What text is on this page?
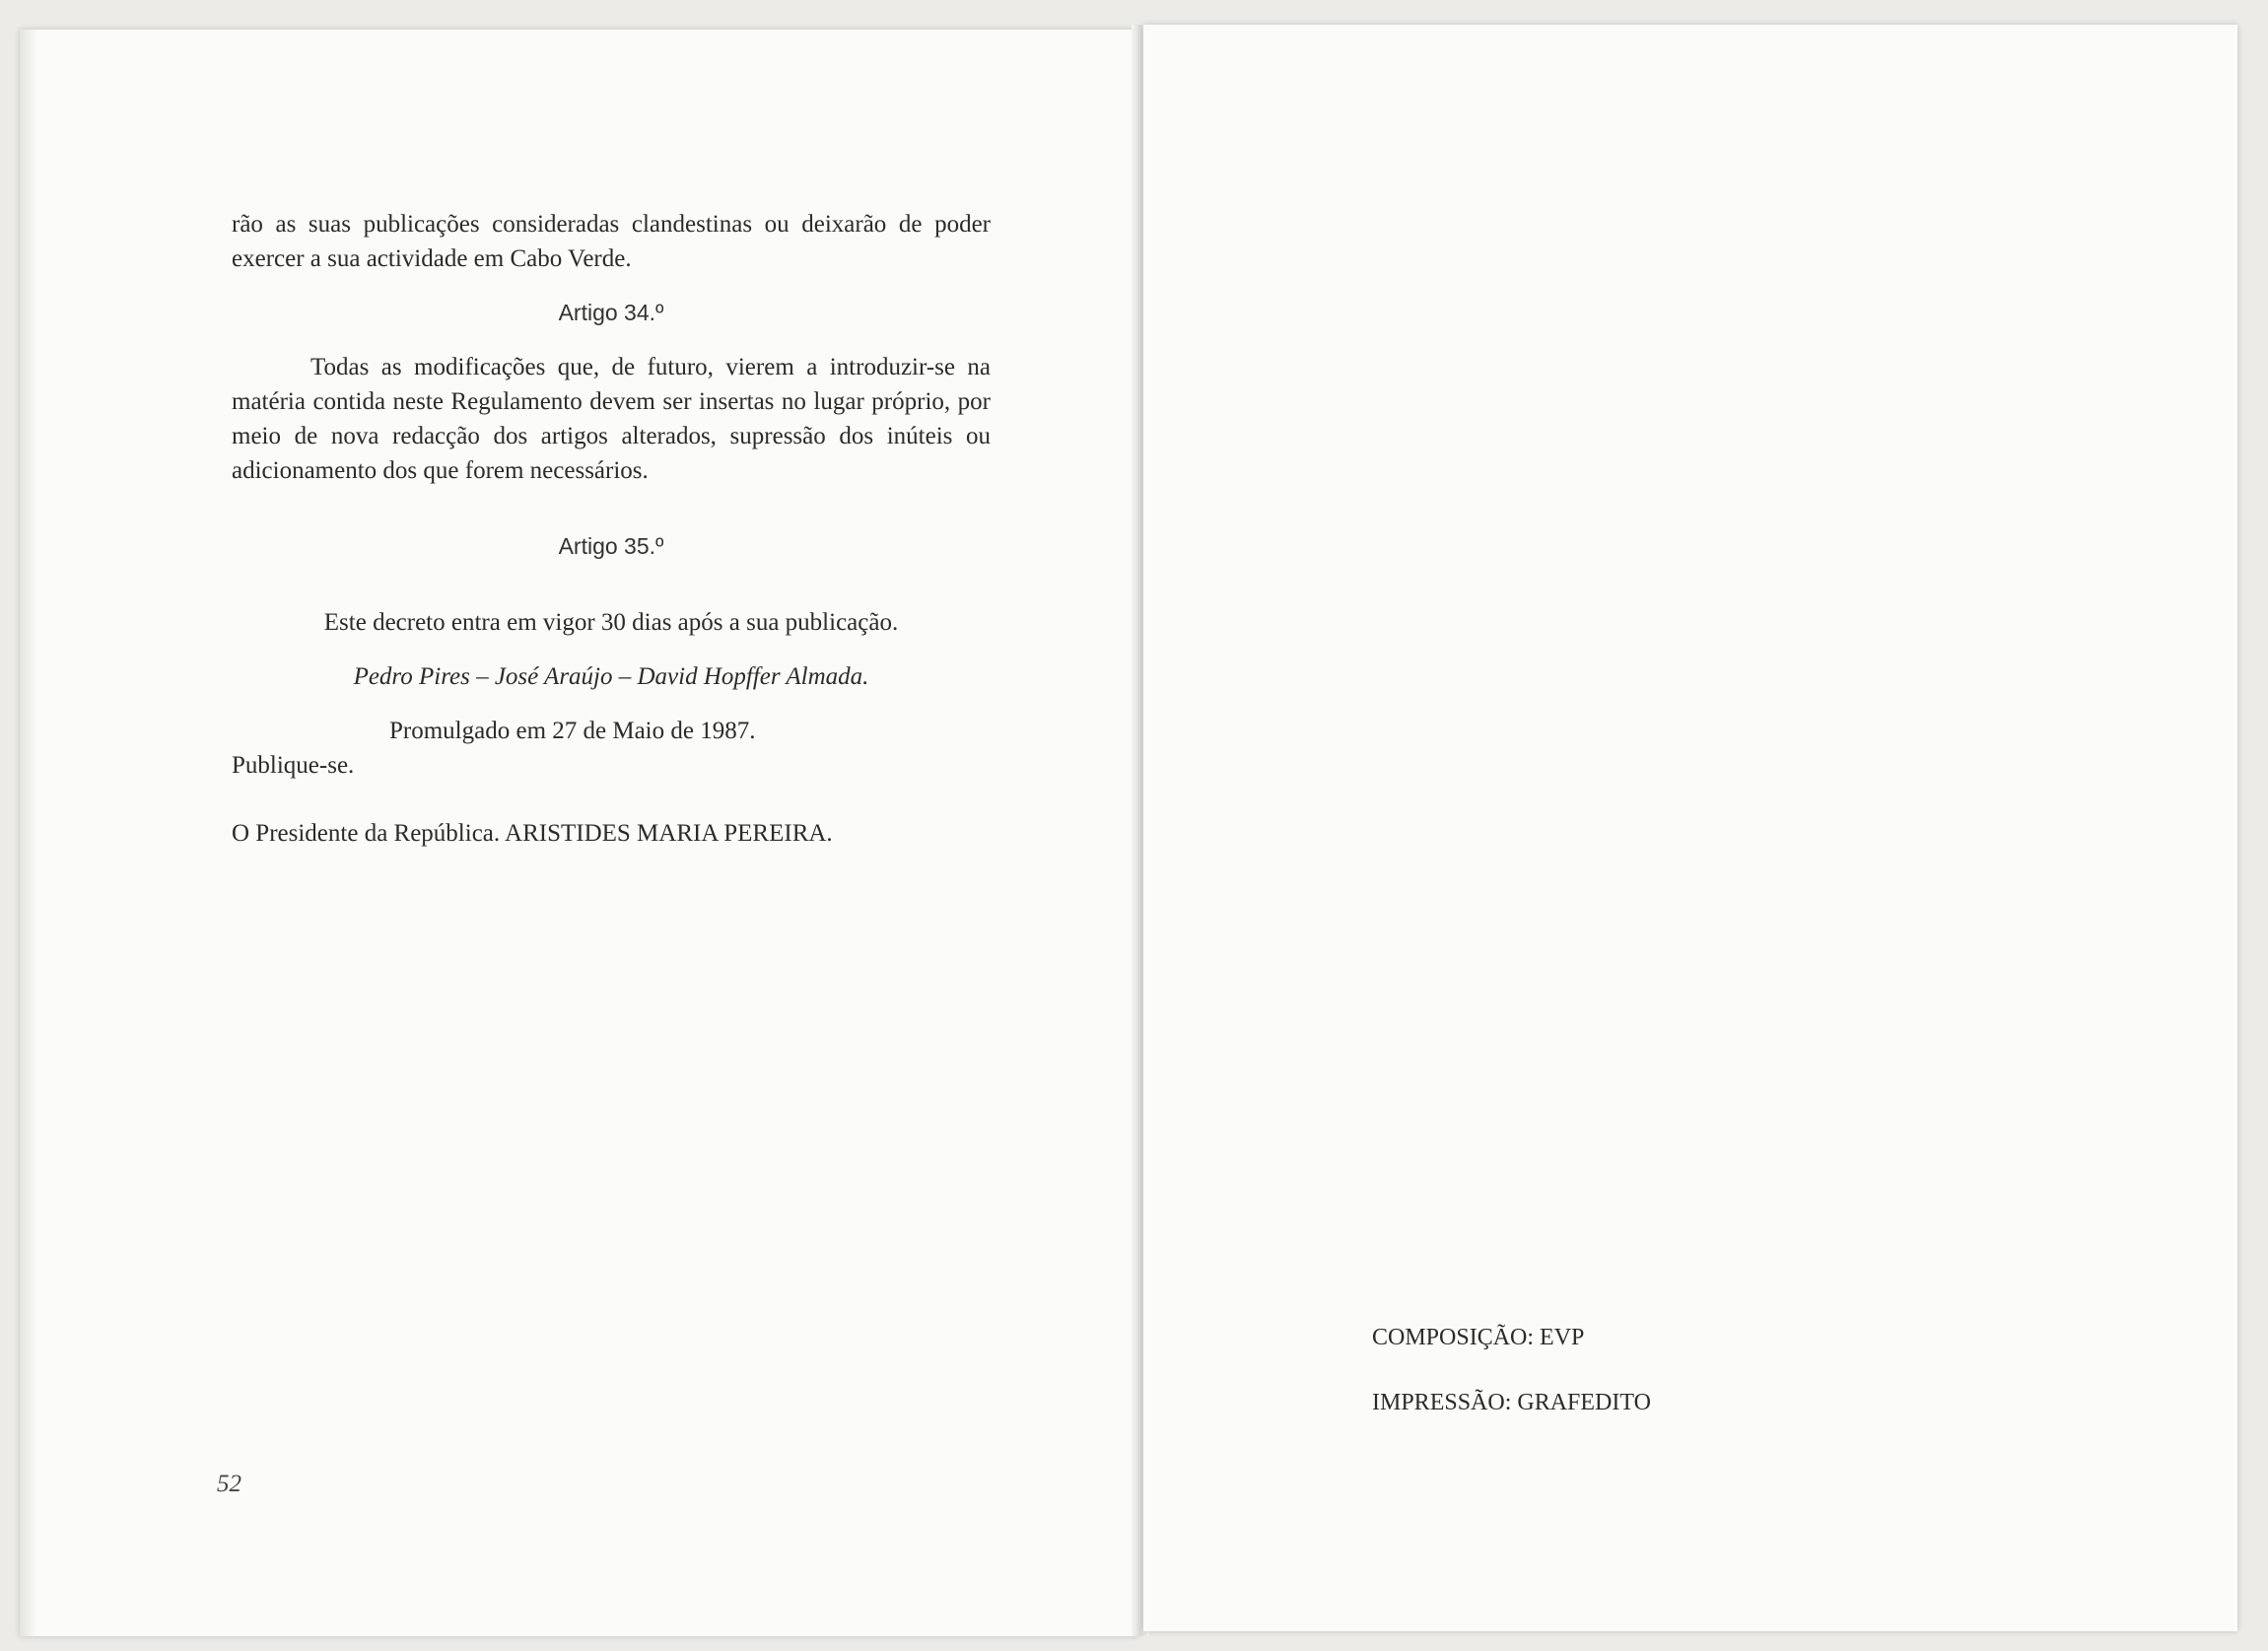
rão as suas publicações consideradas clandestinas ou deixarão de poder exercer a sua actividade em Cabo Verde.

Artigo 34.º

Todas as modificações que, de futuro, vierem a introduzir-se na matéria contida neste Regulamento devem ser insertas no lugar próprio, por meio de nova redacção dos artigos alterados, supressão dos inúteis ou adicionamento dos que forem necessários.

Artigo 35.º

Este decreto entra em vigor 30 dias após a sua publicação.

Pedro Pires – José Araújo – David Hopffer Almada.

Promulgado em 27 de Maio de 1987.

Publique-se.

O Presidente da República. ARISTIDES MARIA PEREIRA.

52
COMPOSIÇÃO: EVP
IMPRESSÃO: GRAFEDITO
